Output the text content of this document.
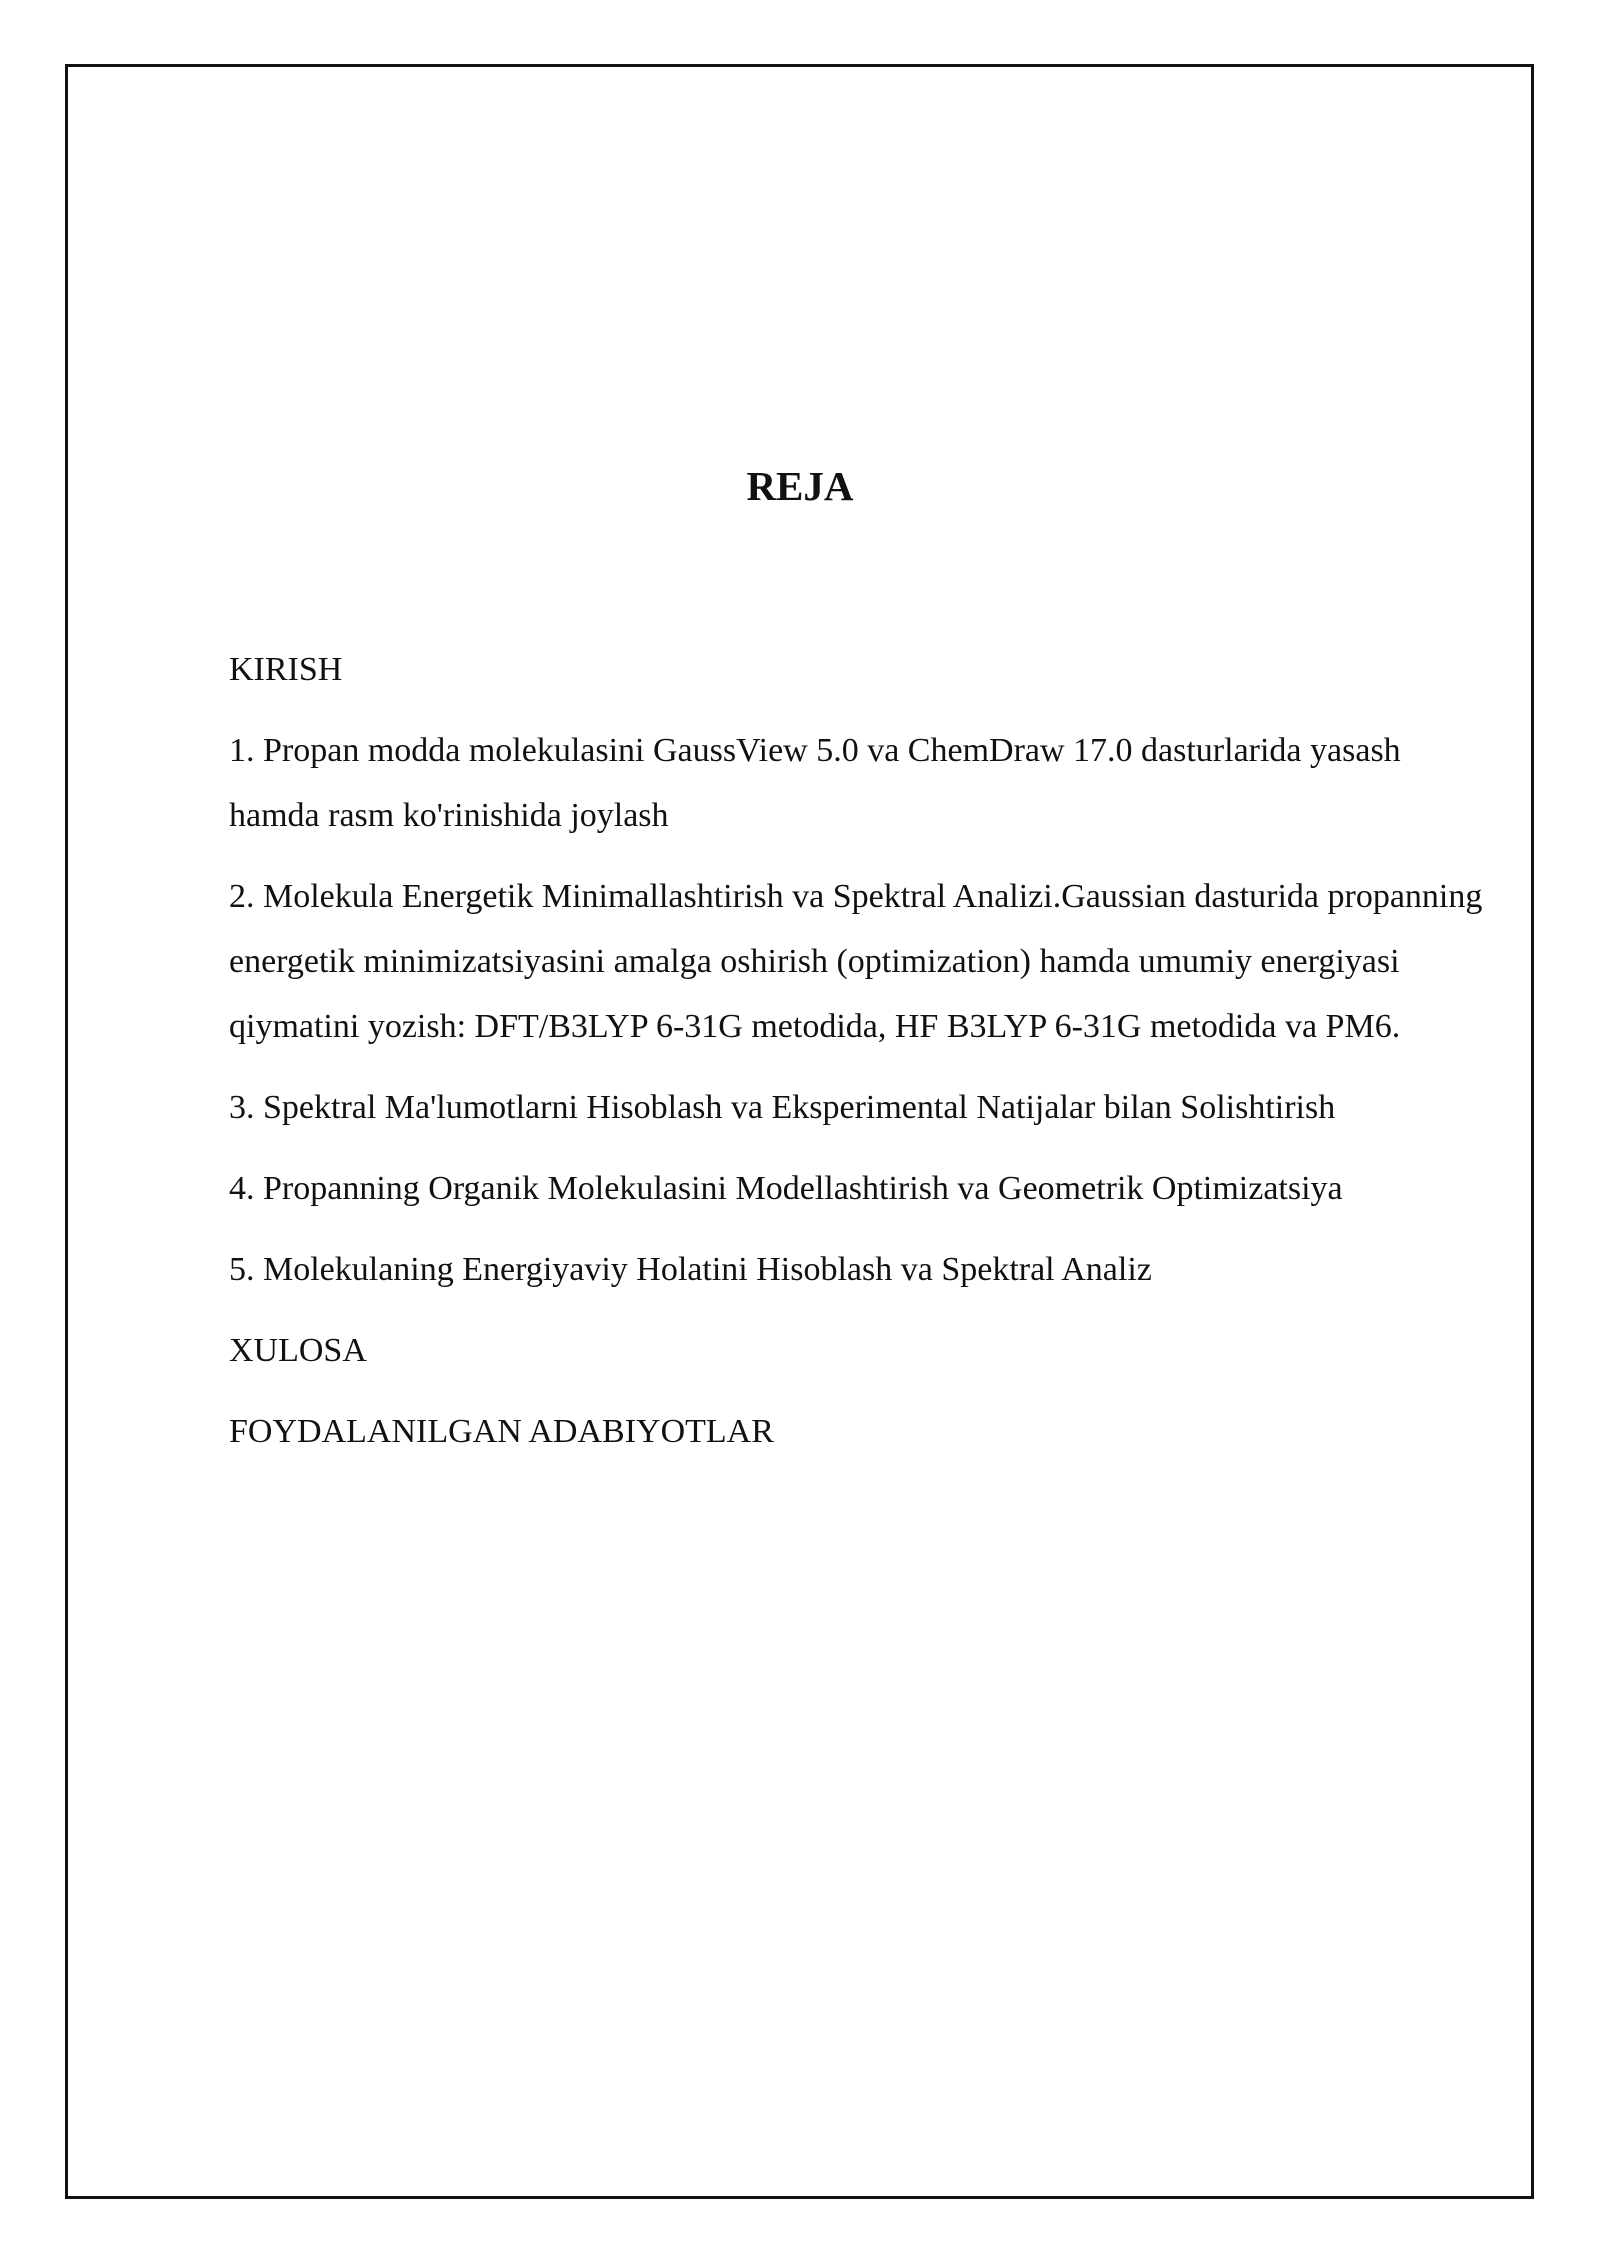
REJA
KIRISH
1. Propan modda molekulasini GaussView 5.0 va ChemDraw 17.0 dasturlarida yasash hamda rasm ko'rinishida joylash
2. Molekula Energetik Minimallashtirish va Spektral Analizi.Gaussian dasturida propanning energetik minimizatsiyasini amalga oshirish (optimization) hamda umumiy energiyasi qiymatini yozish: DFT/B3LYP 6-31G metodida, HF B3LYP 6-31G metodida va PM6.
3. Spektral Ma'lumotlarni Hisoblash va Eksperimental Natijalar bilan Solishtirish
4. Propanning Organik Molekulasini Modellashtirish va Geometrik Optimizatsiya
5. Molekulaning Energiyaviy Holatini Hisoblash va Spektral Analiz
XULOSA
FOYDALANILGAN ADABIYOTLAR
